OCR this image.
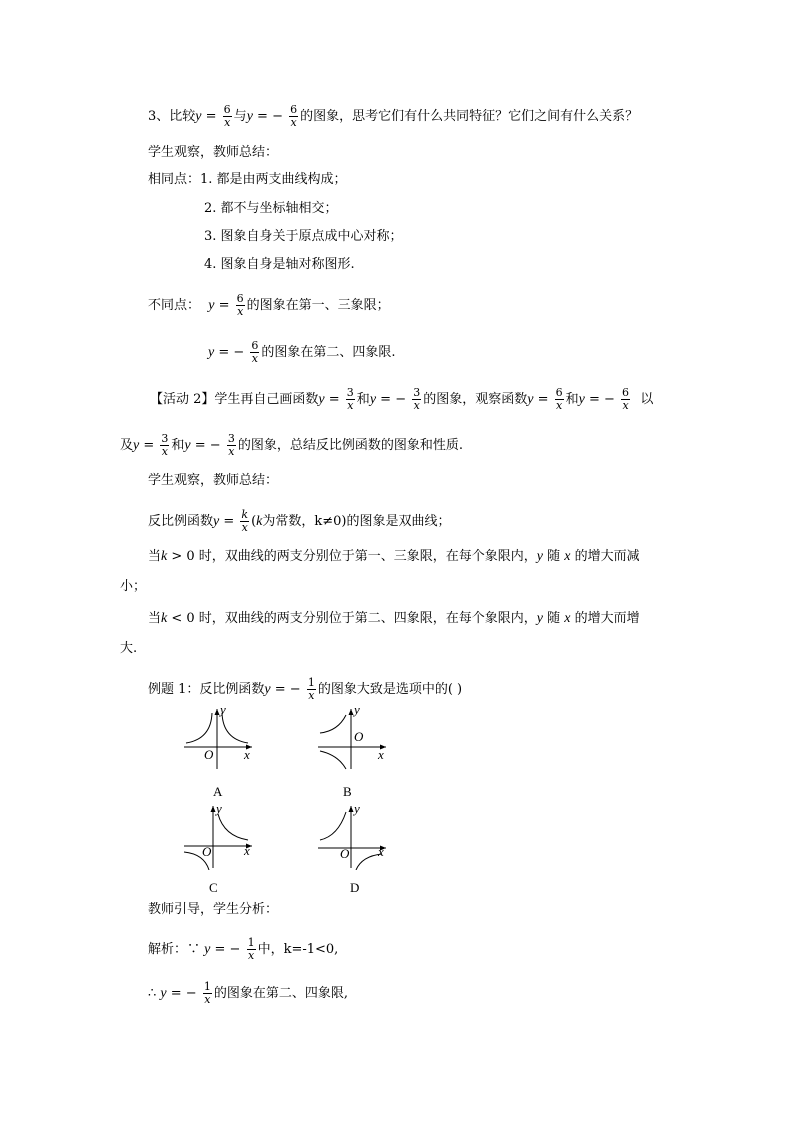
3、比较$y = \frac{6}{x}$ 与y = − $\frac{6}{x}$ 的图象，思考它们有什么共同特征？它们之间有什么关系？
学生观察，教师总结：
相同点：1. 都是由两支曲线构成；
2. 都不与坐标轴相交；
3. 图象自身关于原点成中心对称；
4. 图象自身是轴对称图形.
不同点： $y = \frac{6}{x}$ 的图象在第一、三象限；
y = − $\frac{6}{x}$ 的图象在第二、四象限.
【活动 2】学生再自己画函数$y = \frac{3}{x}$ 和y = − $\frac{3}{x}$ 的图象，观察函数$y = \frac{6}{x}$ 和y = − $\frac{6}{x}$ 以
及$y = \frac{3}{x}$ 和y = − $\frac{3}{x}$ 的图象，总结反比例函数的图象和性质.
学生观察，教师总结：
反比例函数$y = \frac{k}{x} (k$为常数，k≠0)的图象是双曲线；
当k > 0 时，双曲线的两支分别位于第一、三象限，在每个象限内，y 随 x 的增大而减
小；
当k < 0 时，双曲线的两支分别位于第二、四象限，在每个象限内，y 随 x 的增大而增
大.
例题 1：反比例函数y = − $\frac{1}{x}$ 的图象大致是选项中的( )
y
x
O
A
y
x
O
B
y
x
O
C
y
x
O
D
教师引导，学生分析：
解析：∵ y = − $\frac{1}{x}$ 中，k=-1<0,
∴ y = − $\frac{1}{x}$ 的图象在第二、四象限,
